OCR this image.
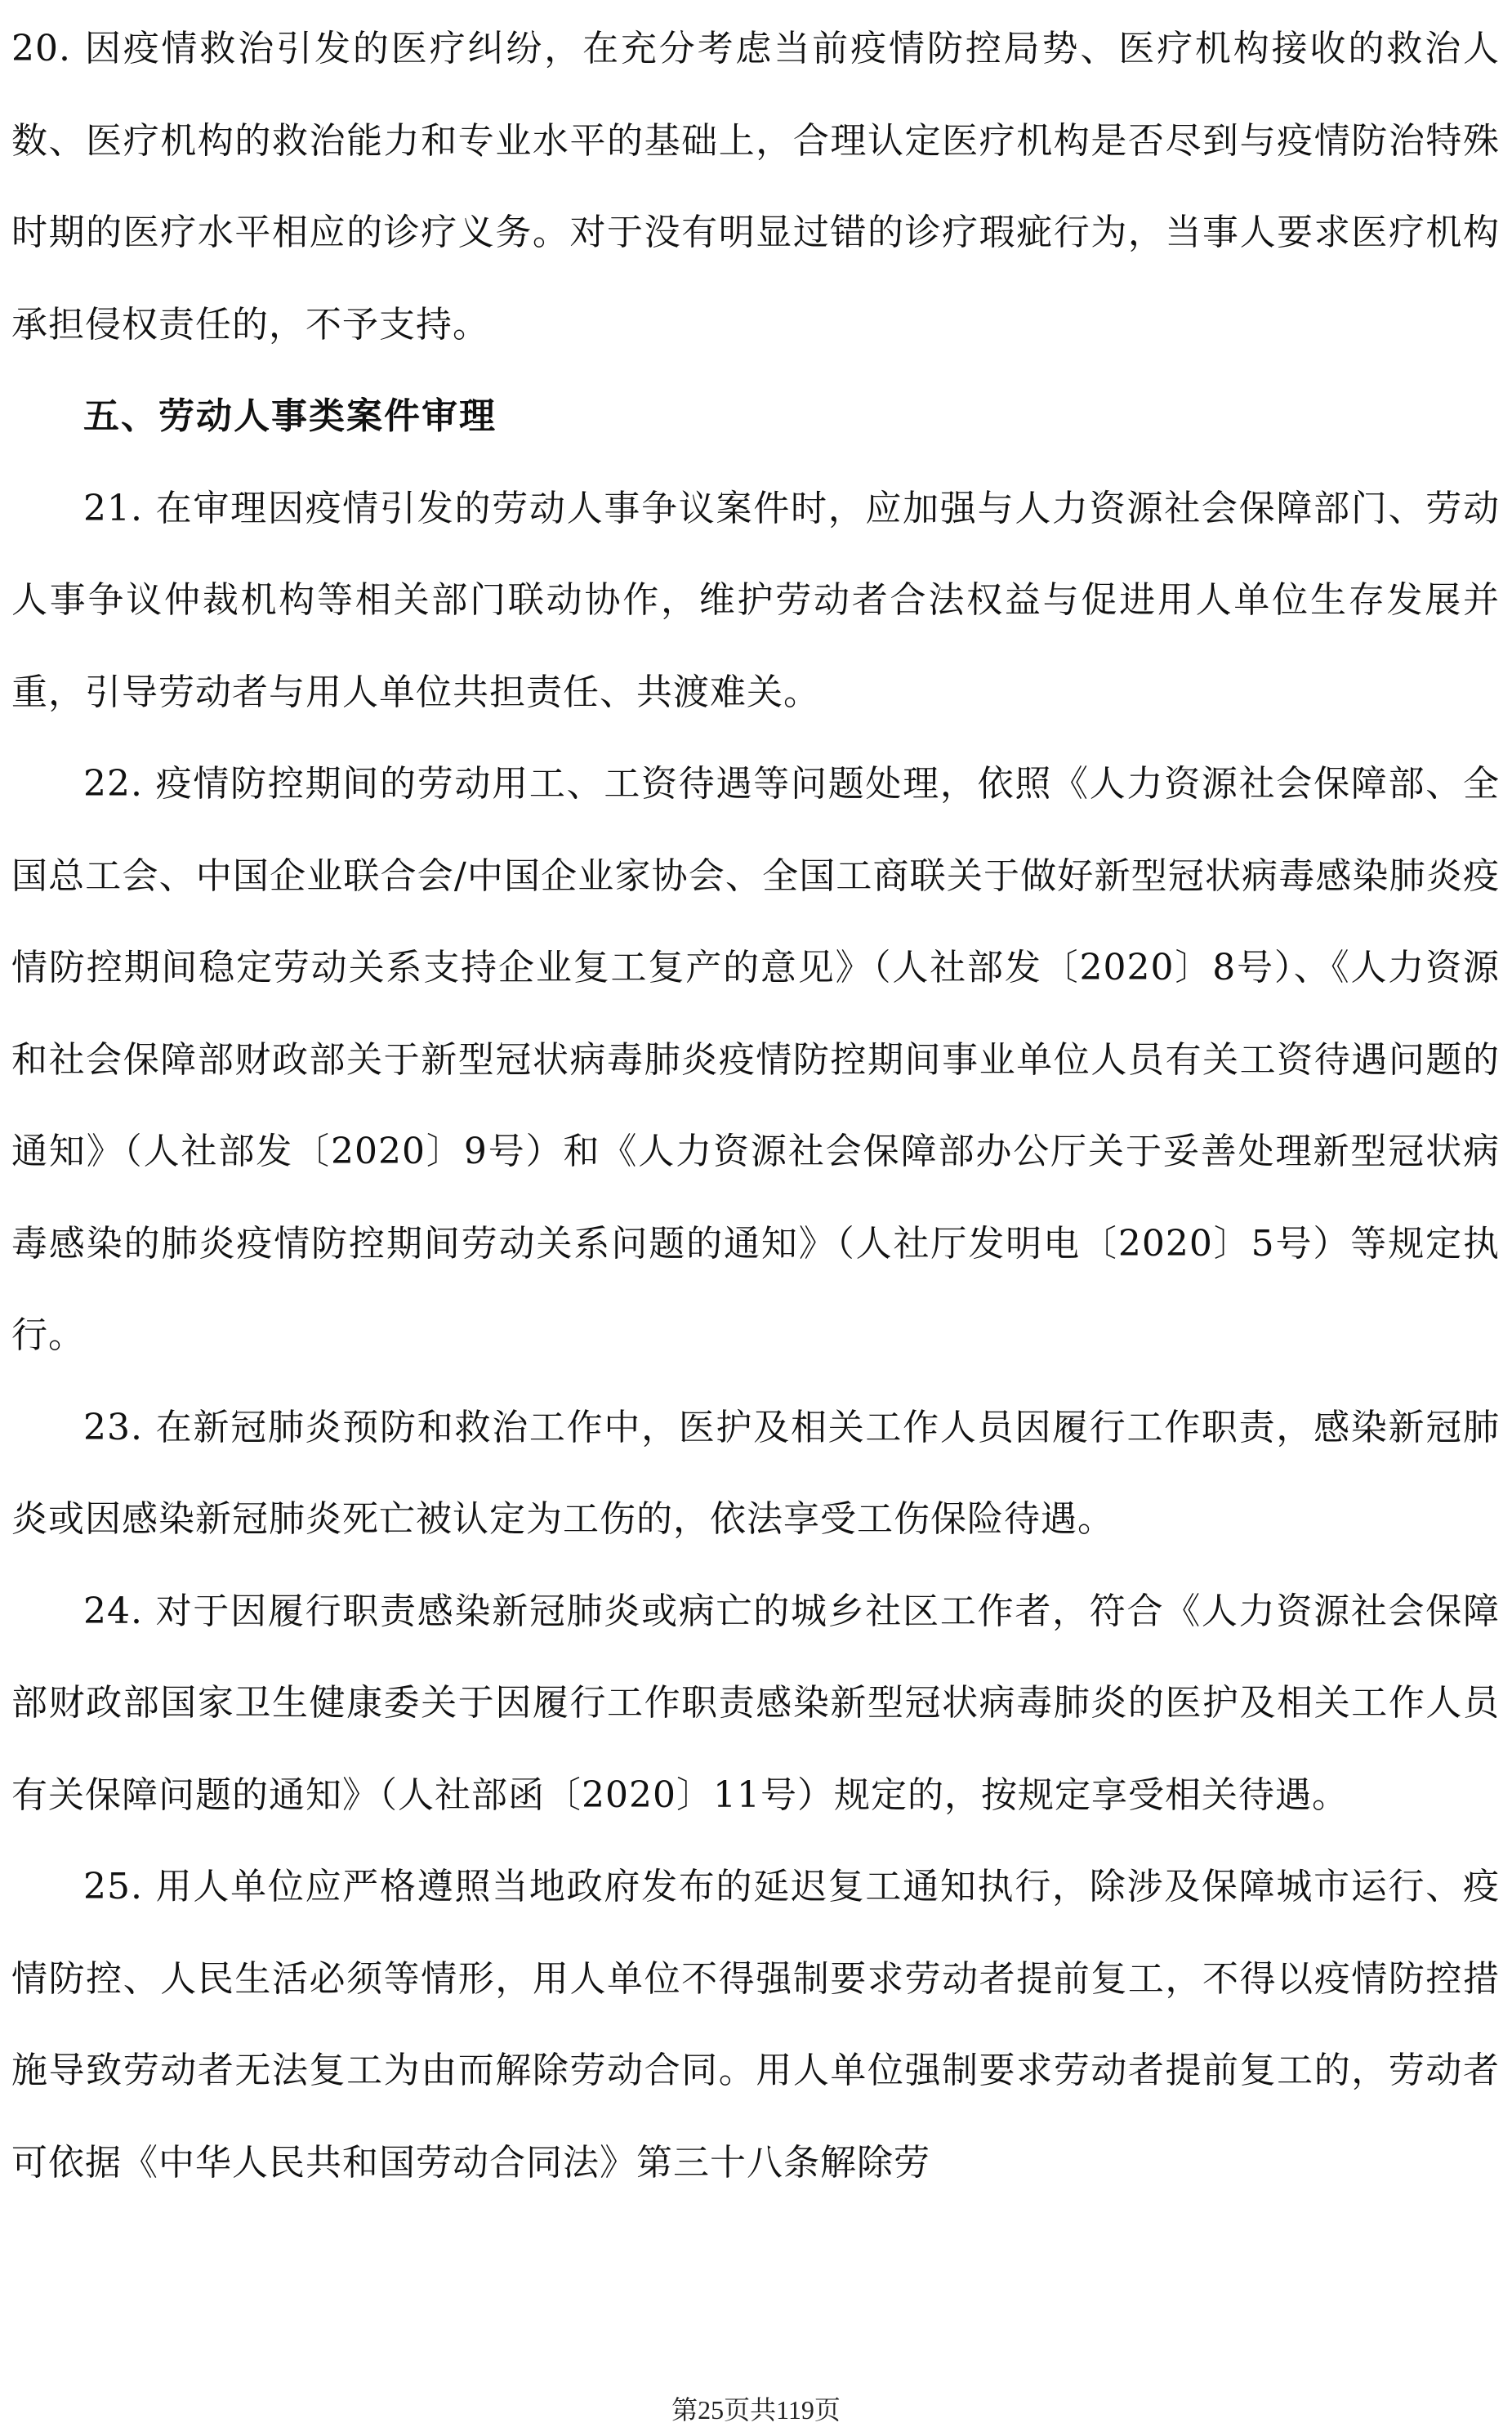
20. 因疫情救治引发的医疗纠纷，在充分考虑当前疫情防控局势、医疗机构接收的救治人数、医疗机构的救治能力和专业水平的基础上，合理认定医疗机构是否尽到与疫情防治特殊时期的医疗水平相应的诊疗义务。对于没有明显过错的诊疗瑕疵行为，当事人要求医疗机构承担侵权责任的，不予支持。

五、劳动人事类案件审理

21. 在审理因疫情引发的劳动人事争议案件时，应加强与人力资源社会保障部门、劳动人事争议仲裁机构等相关部门联动协作，维护劳动者合法权益与促进用人单位生存发展并重，引导劳动者与用人单位共担责任、共渡难关。

22. 疫情防控期间的劳动用工、工资待遇等问题处理，依照《人力资源社会保障部、全国总工会、中国企业联合会/中国企业家协会、全国工商联关于做好新型冠状病毒感染肺炎疫情防控期间稳定劳动关系支持企业复工复产的意见》（人社部发〔2020〕8号）、《人力资源和社会保障部财政部关于新型冠状病毒肺炎疫情防控期间事业单位人员有关工资待遇问题的通知》（人社部发〔2020〕9号）和《人力资源社会保障部办公厅关于妥善处理新型冠状病毒感染的肺炎疫情防控期间劳动关系问题的通知》（人社厅发明电〔2020〕5号）等规定执行。

23. 在新冠肺炎预防和救治工作中，医护及相关工作人员因履行工作职责，感染新冠肺炎或因感染新冠肺炎死亡被认定为工伤的，依法享受工伤保险待遇。

24. 对于因履行职责感染新冠肺炎或病亡的城乡社区工作者，符合《人力资源社会保障部财政部国家卫生健康委关于因履行工作职责感染新型冠状病毒肺炎的医护及相关工作人员有关保障问题的通知》（人社部函〔2020〕11号）规定的，按规定享受相关待遇。

25. 用人单位应严格遵照当地政府发布的延迟复工通知执行，除涉及保障城市运行、疫情防控、人民生活必须等情形，用人单位不得强制要求劳动者提前复工，不得以疫情防控措施导致劳动者无法复工为由而解除劳动合同。用人单位强制要求劳动者提前复工的，劳动者可依据《中华人民共和国劳动合同法》第三十八条解除劳

第25页共119页
